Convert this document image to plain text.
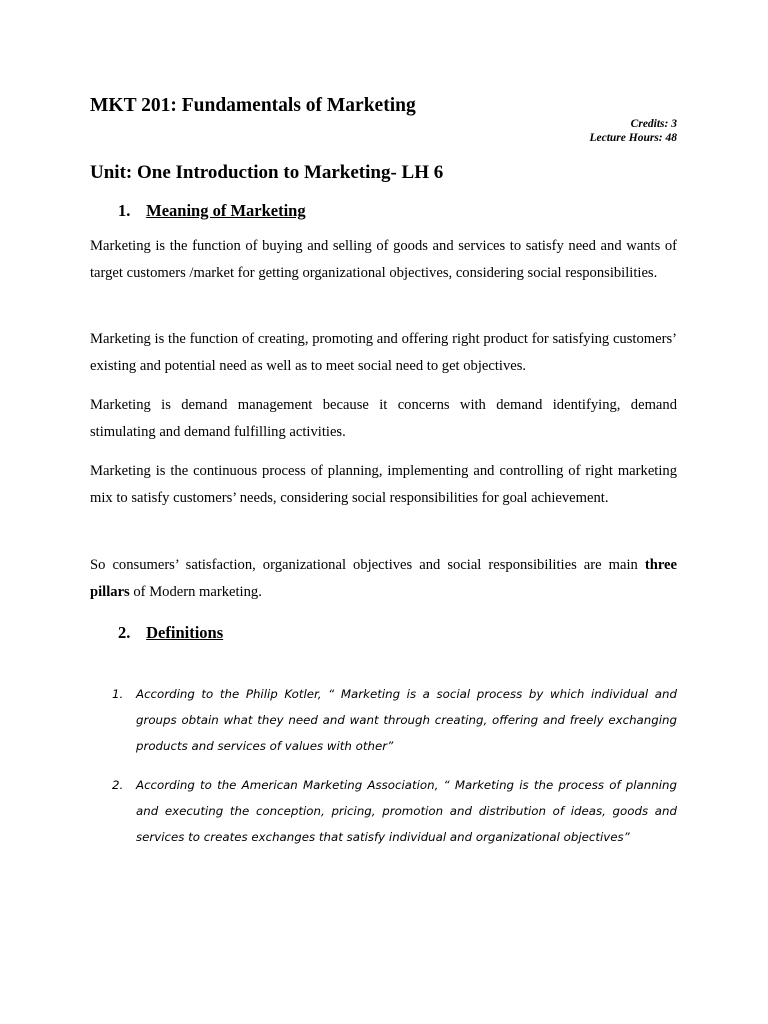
MKT 201: Fundamentals of Marketing
Credits: 3
Lecture Hours: 48
Unit: One Introduction to Marketing- LH 6
1. Meaning of Marketing

Marketing is the function of buying and selling of goods and services to satisfy need and wants of target customers /market for getting organizational objectives, considering social responsibilities.

Marketing is the function of creating, promoting and offering right product for satisfying customers’ existing and potential need as well as to meet social need to get objectives.

Marketing is demand management because it concerns with demand identifying, demand stimulating and demand fulfilling activities.

Marketing is the continuous process of planning, implementing and controlling of right marketing mix to satisfy customers’ needs, considering social responsibilities for goal achievement.

So consumers’ satisfaction, organizational objectives and social responsibilities are main three pillars of Modern marketing.

2. Definitions
1. According to the Philip Kotler, “ Marketing is a social process by which individual and groups obtain what they need and want through creating, offering and freely exchanging products and services of values with other”
2. According to the American Marketing Association, “ Marketing is the process of planning and executing the conception, pricing, promotion and distribution of ideas, goods and services to creates exchanges that satisfy individual and organizational objectives”
